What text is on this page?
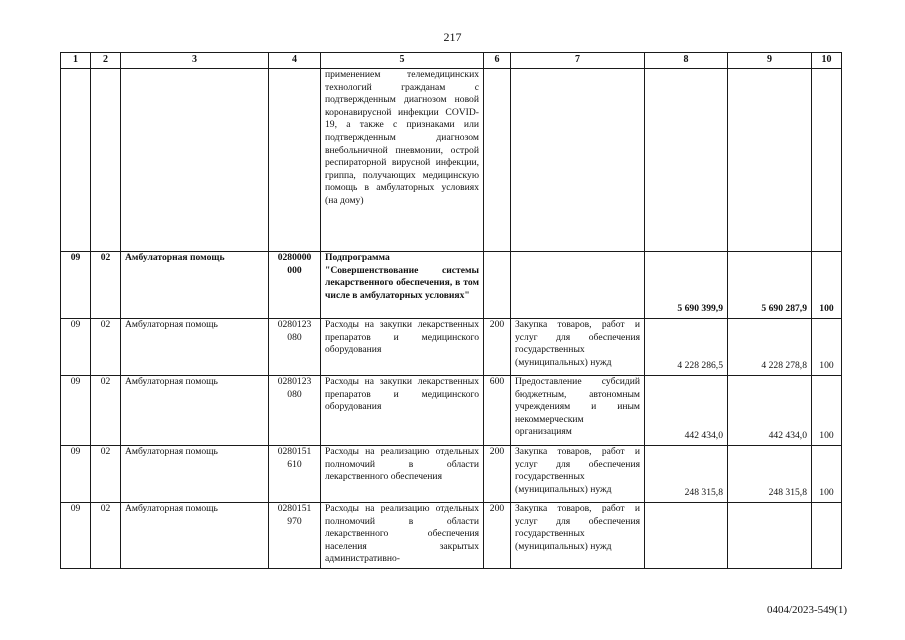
217
1	2	3	4	5	6	7	8	9	10
				применением телемедицинских технологий гражданам с подтвержденным диагнозом новой коронавирусной инфекции COVID-19, а также с признаками или подтвержденным диагнозом внебольничной пневмонии, острой респираторной вирусной инфекции, гриппа, получающих медицинскую помощь в амбулаторных условиях (на дому)					
09	02	Амбулаторная помощь	0280000 000	Подпрограмма "Совершенствование системы лекарственного обеспечения, в том числе в амбулаторных условиях"			5 690 399,9	5 690 287,9	100
09	02	Амбулаторная помощь	0280123 080	Расходы на закупки лекарственных препаратов и медицинского оборудования	200	Закупка товаров, работ и услуг для обеспечения государственных (муниципальных) нужд	4 228 286,5	4 228 278,8	100
09	02	Амбулаторная помощь	0280123 080	Расходы на закупки лекарственных препаратов и медицинского оборудования	600	Предоставление субсидий бюджетным, автономным учреждениям и иным некоммерческим организациям	442 434,0	442 434,0	100
09	02	Амбулаторная помощь	0280151 610	Расходы на реализацию отдельных полномочий в области лекарственного обеспечения	200	Закупка товаров, работ и услуг для обеспечения государственных (муниципальных) нужд	248 315,8	248 315,8	100
09	02	Амбулаторная помощь	0280151 970	Расходы на реализацию отдельных полномочий в области лекарственного обеспечения населения закрытых административно-	200	Закупка товаров, работ и услуг для обеспечения государственных (муниципальных) нужд			
0404/2023-549(1)
